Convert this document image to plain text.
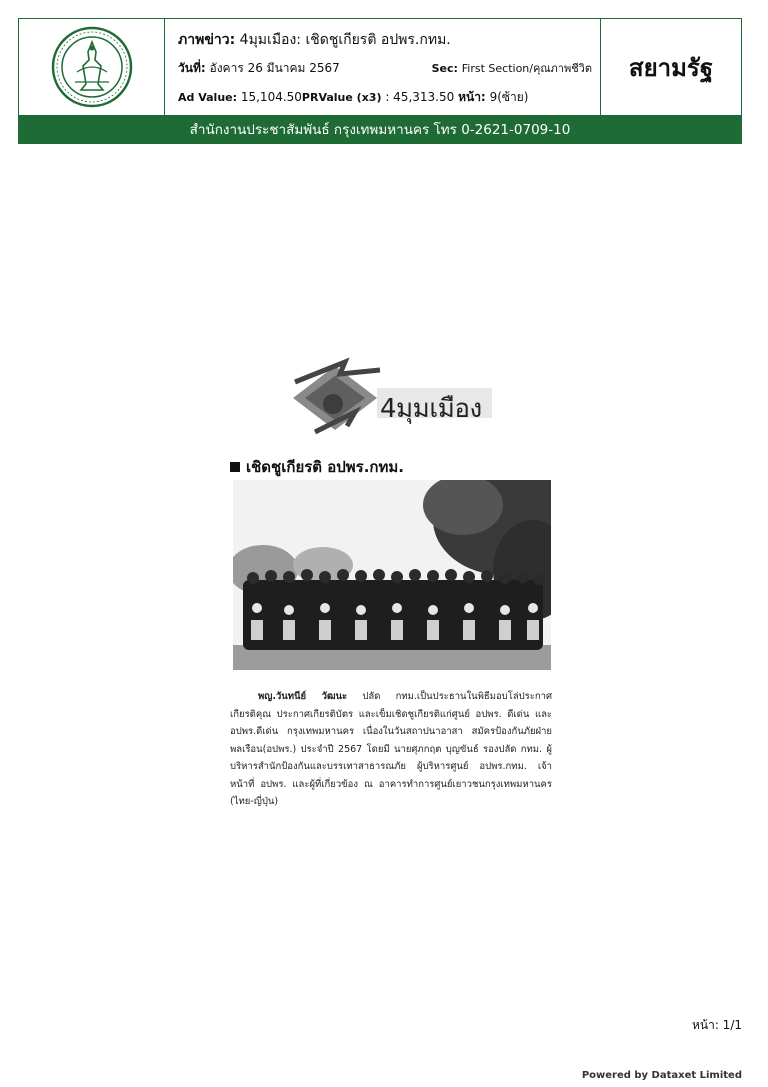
ภาพข่าว: 4มุมเมือง: เชิดชูเกียรติ อปพร.กทม.
วันที่: อังคาร 26 มีนาคม 2567	Sec: First Section/คุณภาพชีวิต
Ad Value: 15,104.50PRValue (x3) : 45,313.50 หน้า: 9(ซ้าย)
สยามรัฐ
สำนักงานประชาสัมพันธ์ กรุงเทพมหานคร โทร 0-2621-0709-10
4มุมเมือง
เชิดชูเกียรติ อปพร.กทม.
พญ.วันทนีย์ วัฒนะ ปลัด กทม.เป็นประธานในพิธีมอบโล่ประกาศเกียรติคุณ ประกาศเกียรติบัตร และเข็มเชิดชูเกียรติแก่ศูนย์ อปพร. ดีเด่น และ อปพร.ดีเด่น กรุงเทพมหานคร เนื่องในวันสถาปนาอาสา สมัครป้องกันภัยฝ่ายพลเรือน(อปพร.) ประจำปี 2567 โดยมี นายศุภกฤต บุญขันธ์ รองปลัด กทม. ผู้บริหารสำนักป้องกันและบรรเทาสาธารณภัย ผู้บริหารศูนย์ อปพร.กทม. เจ้าหน้าที่ อปพร. และผู้ที่เกี่ยวข้อง ณ อาคารทำการศูนย์เยาวชนกรุงเทพมหานคร (ไทย-ญี่ปุ่น)
หน้า: 1/1
Powered by Dataxet Limited
